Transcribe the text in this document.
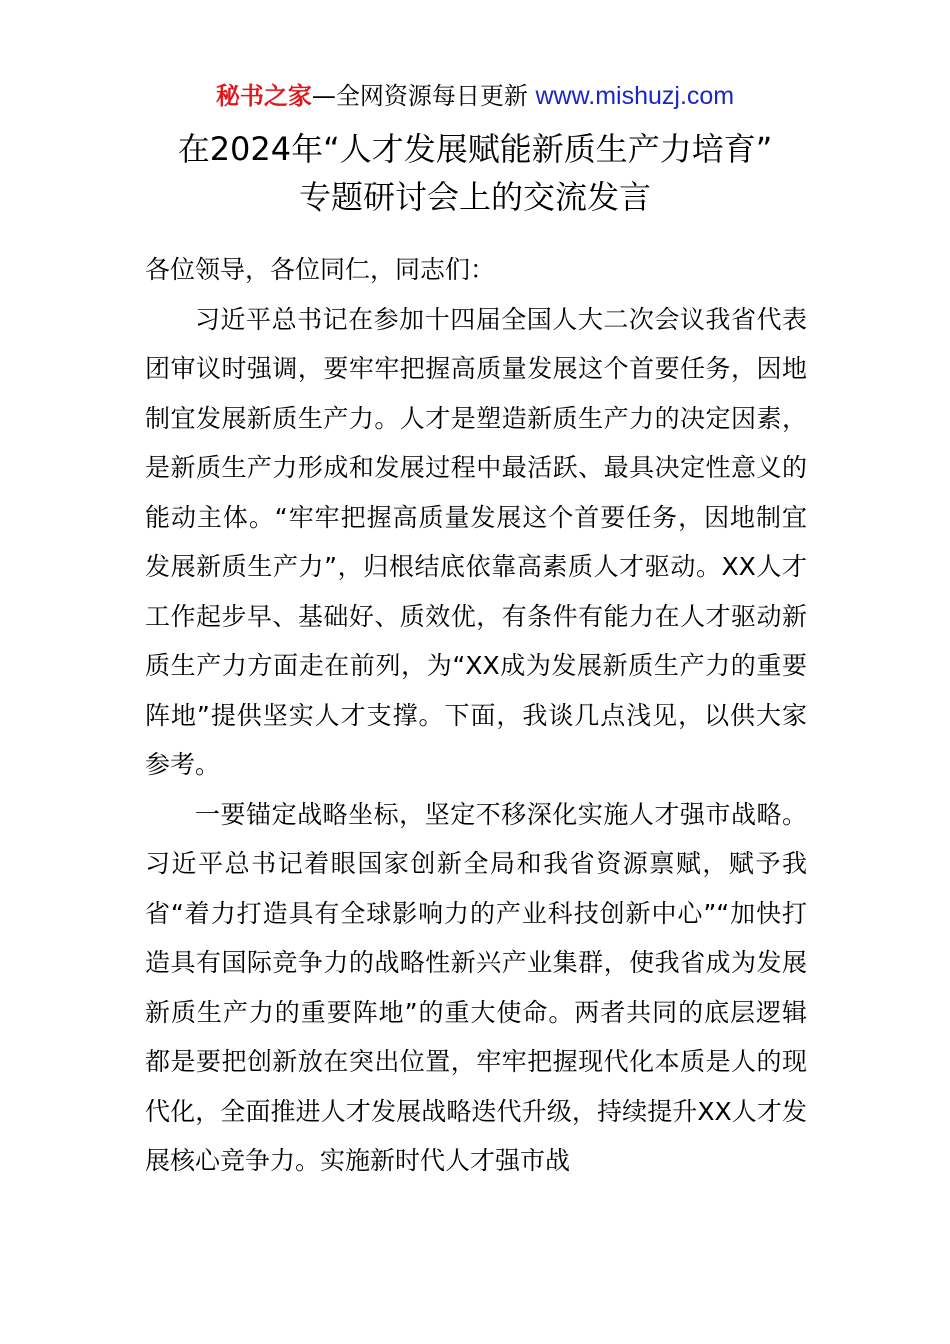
秘书之家—全网资源每日更新 www.mishuzj.com
在2024年“人才发展赋能新质生产力培育”
专题研讨会上的交流发言

各位领导，各位同仁，同志们：

习近平总书记在参加十四届全国人大二次会议我省代表团审议时强调，要牢牢把握高质量发展这个首要任务，因地制宜发展新质生产力。人才是塑造新质生产力的决定因素，是新质生产力形成和发展过程中最活跃、最具决定性意义的能动主体。“牢牢把握高质量发展这个首要任务，因地制宜发展新质生产力”，归根结底依靠高素质人才驱动。XX人才工作起步早、基础好、质效优，有条件有能力在人才驱动新质生产力方面走在前列，为“XX成为发展新质生产力的重要阵地”提供坚实人才支撑。下面，我谈几点浅见，以供大家参考。

一要锚定战略坐标，坚定不移深化实施人才强市战略。习近平总书记着眼国家创新全局和我省资源禀赋，赋予我省“着力打造具有全球影响力的产业科技创新中心”“加快打造具有国际竞争力的战略性新兴产业集群，使我省成为发展新质生产力的重要阵地”的重大使命。两者共同的底层逻辑都是要把创新放在突出位置，牢牢把握现代化本质是人的现代化，全面推进人才发展战略迭代升级，持续提升XX人才发展核心竞争力。实施新时代人才强市战
